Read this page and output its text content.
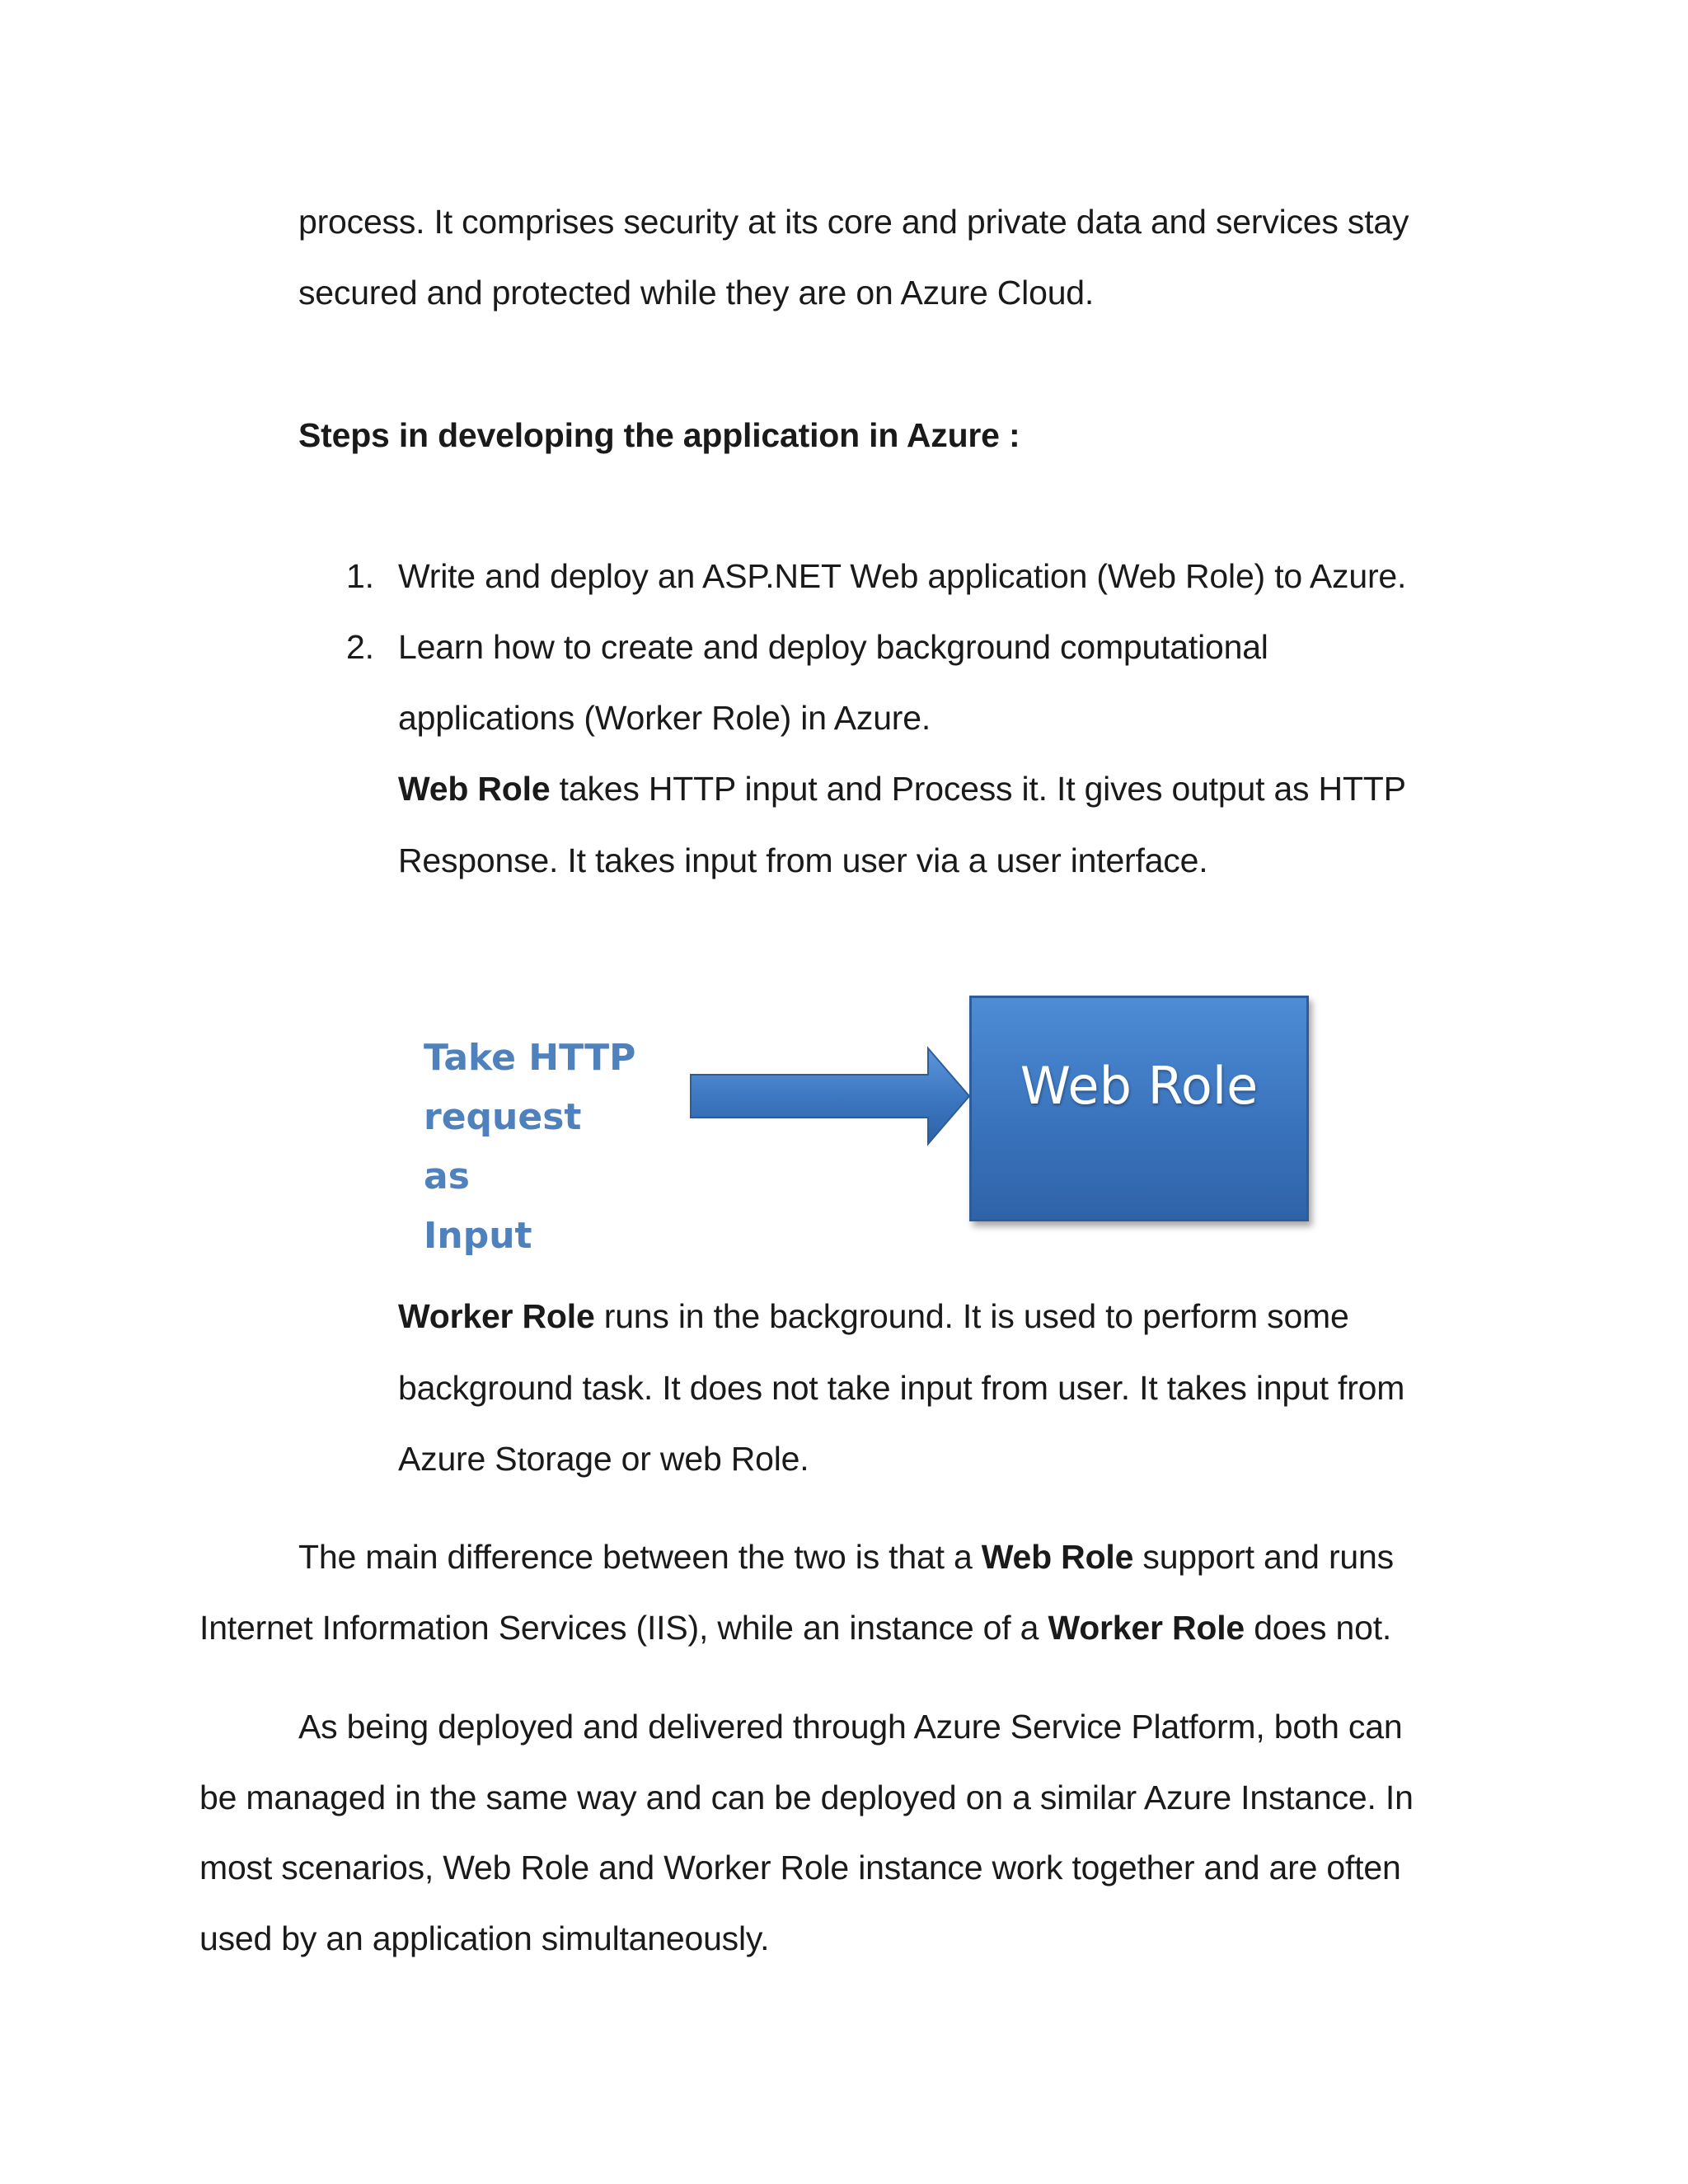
process. It comprises security at its core and private data and services stay
secured and protected while they are on Azure Cloud.
Steps in developing the application in Azure :
1. Write and deploy an ASP.NET Web application (Web Role) to Azure.
2. Learn how to create and deploy background computational
applications (Worker Role) in Azure.
Web Role takes HTTP input and Process it. It gives output as HTTP
Response. It takes input from user via a user interface.
Take HTTP
request as
Input
Web Role
Worker Role runs in the background. It is used to perform some
background task. It does not take input from user. It takes input from
Azure Storage or web Role.
The main difference between the two is that a Web Role support and runs
Internet Information Services (IIS), while an instance of a Worker Role does not.
As being deployed and delivered through Azure Service Platform, both can
be managed in the same way and can be deployed on a similar Azure Instance. In
most scenarios, Web Role and Worker Role instance work together and are often
used by an application simultaneously.
